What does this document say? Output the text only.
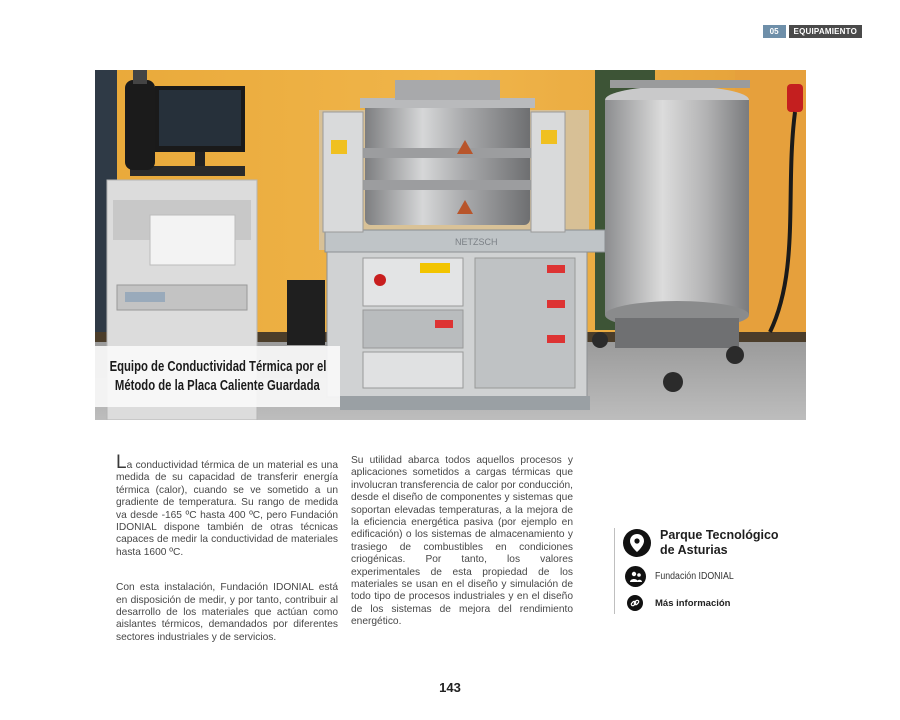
05	EQUIPAMIENTO
NETZSCH
Equipo de Conductividad Térmica por el
Método de la Placa Caliente Guardada

La conductividad térmica de un material es una medida de su capacidad de transferir energía térmica (calor), cuando se ve sometido a un gradiente de temperatura. Su rango de medida va desde -165 ºC hasta 400 ºC, pero Fundación IDONIAL dispone también de otras técnicas capaces de medir la conductividad de materiales hasta 1600 ºC.

Con esta instalación, Fundación IDONIAL está en disposición de medir, y por tanto, contribuir al desarrollo de los materiales que actúan como aislantes térmicos, demandados por diferentes sectores industriales y de servicios.

Su utilidad abarca todos aquellos procesos y aplicaciones sometidos a cargas térmicas que involucran transferencia de calor por conducción, desde el diseño de componentes y sistemas que soportan elevadas temperaturas, a la mejora de la eficiencia energética pasiva (por ejemplo en edificación) o los sistemas de almacenamiento y trasiego de combustibles en condiciones criogénicas. Por tanto, los valores experimentales de esta propiedad de los materiales se usan en el diseño y simulación de todo tipo de procesos industriales y en el diseño de los sistemas de mejora del rendimiento energético.

Parque Tecnológico
de Asturias
Fundación IDONIAL
Más información
143
